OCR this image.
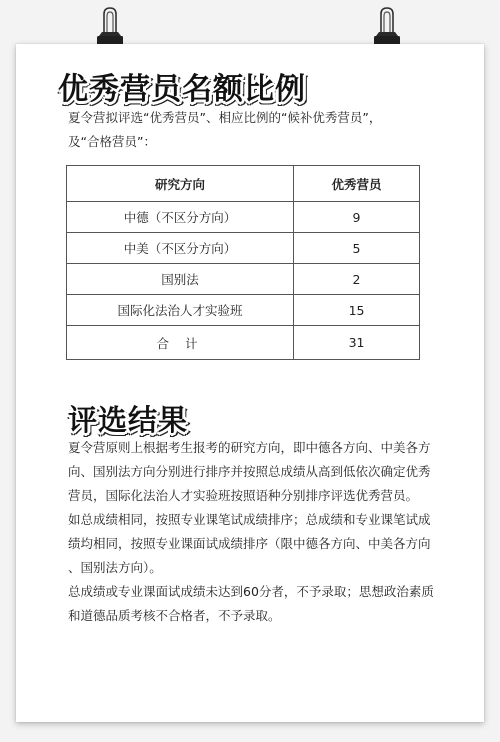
优秀营员名额比例
夏令营拟评选“优秀营员”、相应比例的“候补优秀营员”，
及“合格营员”：
研究方向	优秀营员
中德（不区分方向）	9
中美（不区分方向）	5
国别法	2
国际化法治人才实验班	15
合 计	31
评选结果
夏令营原则上根据考生报考的研究方向，即中德各方向、中美各方
向、国别法方向分别进行排序并按照总成绩从高到低依次确定优秀
营员，国际化法治人才实验班按照语种分别排序评选优秀营员。
如总成绩相同，按照专业课笔试成绩排序；总成绩和专业课笔试成
绩均相同，按照专业课面试成绩排序（限中德各方向、中美各方向
、国别法方向）。
总成绩或专业课面试成绩未达到60分者，不予录取；思想政治素质
和道德品质考核不合格者，不予录取。
